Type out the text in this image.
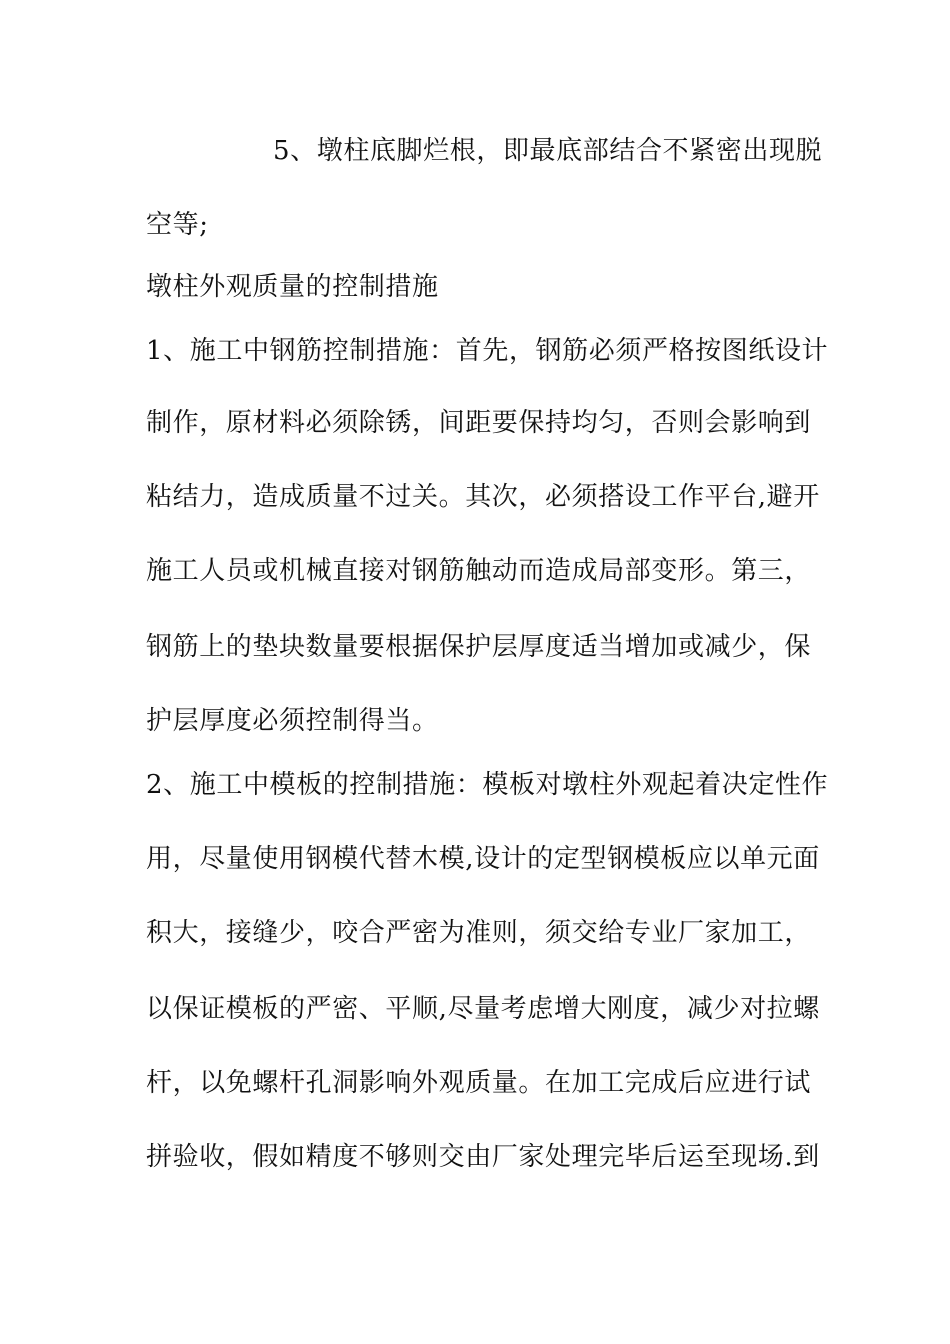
5、墩柱底脚烂根，即最底部结合不紧密出现脱
空等;
墩柱外观质量的控制措施
1、施工中钢筋控制措施：首先，钢筋必须严格按图纸设计
制作，原材料必须除锈，间距要保持均匀，否则会影响到
粘结力，造成质量不过关。其次，必须搭设工作平台,避开
施工人员或机械直接对钢筋触动而造成局部变形。第三，
钢筋上的垫块数量要根据保护层厚度适当增加或减少，保
护层厚度必须控制得当。
2、施工中模板的控制措施：模板对墩柱外观起着决定性作
用，尽量使用钢模代替木模,设计的定型钢模板应以单元面
积大，接缝少，咬合严密为准则，须交给专业厂家加工，
以保证模板的严密、平顺,尽量考虑增大刚度，减少对拉螺
杆，以免螺杆孔洞影响外观质量。在加工完成后应进行试
拼验收，假如精度不够则交由厂家处理完毕后运至现场.到
